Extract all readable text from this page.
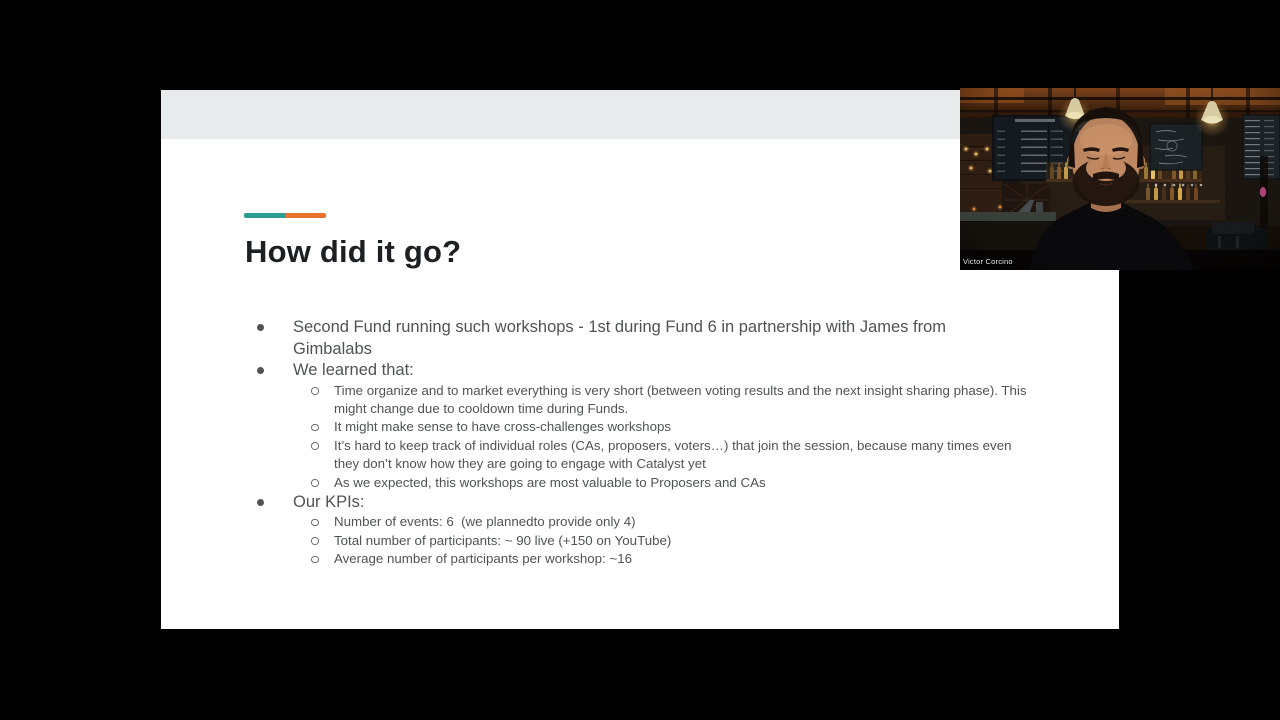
How did it go?
Second Fund running such workshops - 1st during Fund 6 in partnership with James from Gimbalabs
We learned that:
Time organize and to market everything is very short (between voting results and the next insight sharing phase). This might change due to cooldown time during Funds.
It might make sense to have cross-challenges workshops
It’s hard to keep track of individual roles (CAs, proposers, voters…) that join the session, because many times even they don’t know how they are going to engage with Catalyst yet
As we expected, this workshops are most valuable to Proposers and CAs
Our KPIs:
Number of events: 6  (we plannedto provide only 4)
Total number of participants: ~ 90 live (+150 on YouTube)
Average number of participants per workshop: ~16
Victor Corcino
